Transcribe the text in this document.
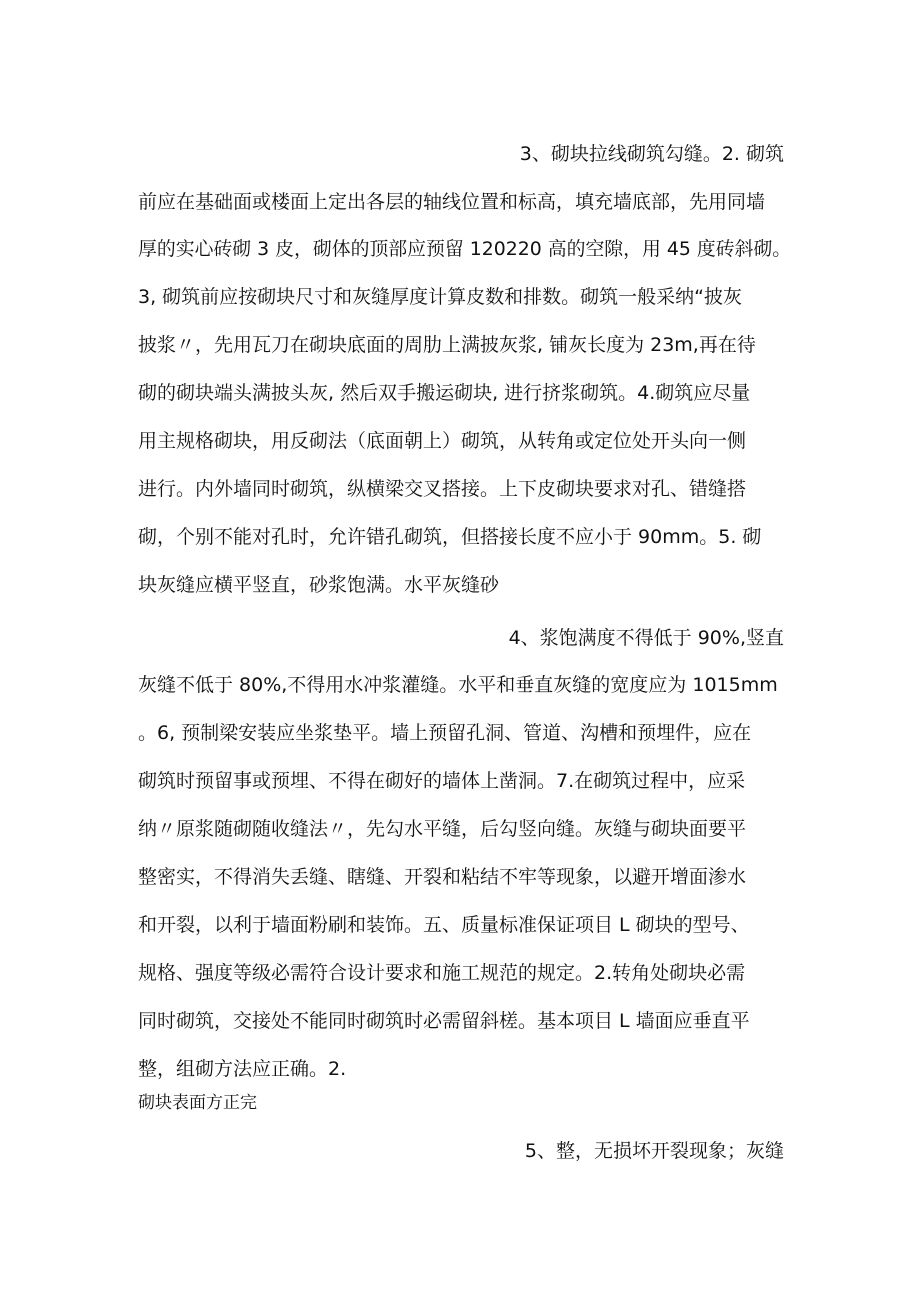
3、砌块拉线砌筑勾缝。2. 砌筑
前应在基础面或楼面上定出各层的轴线位置和标高，填充墙底部，先用同墙
厚的实心砖砌 3 皮，砌体的顶部应预留 120220 高的空隙，用 45 度砖斜砌。
3, 砌筑前应按砌块尺寸和灰缝厚度计算皮数和排数。砌筑一般采纳“披灰
披浆〃，先用瓦刀在砌块底面的周肋上满披灰浆, 铺灰长度为 23m,再在待
砌的砌块端头满披头灰, 然后双手搬运砌块, 进行挤浆砌筑。4.砌筑应尽量
用主规格砌块，用反砌法（底面朝上）砌筑，从转角或定位处开头向一侧
进行。内外墙同时砌筑，纵横梁交叉搭接。上下皮砌块要求对孔、错缝搭
砌，个别不能对孔时，允许错孔砌筑，但搭接长度不应小于 90mm。5. 砌
块灰缝应横平竖直，砂浆饱满。水平灰缝砂
4、浆饱满度不得低于 90%,竖直
灰缝不低于 80%,不得用水冲浆灌缝。水平和垂直灰缝的宽度应为 1015mm
。6, 预制梁安装应坐浆垫平。墙上预留孔洞、管道、沟槽和预埋件，应在
砌筑时预留事或预埋、不得在砌好的墙体上凿洞。7.在砌筑过程中，应采
纳〃原浆随砌随收缝法〃，先勾水平缝，后勾竖向缝。灰缝与砌块面要平
整密实，不得消失丢缝、瞎缝、开裂和粘结不牢等现象，以避开增面渗水
和开裂，以利于墙面粉刷和装饰。五、质量标准保证项目 L 砌块的型号、
规格、强度等级必需符合设计要求和施工规范的规定。2.转角处砌块必需
同时砌筑，交接处不能同时砌筑时必需留斜槎。基本项目 L 墙面应垂直平
整，组砌方法应正确。2.
砌块表面方正完
5、整，无损坏开裂现象；灰缝
